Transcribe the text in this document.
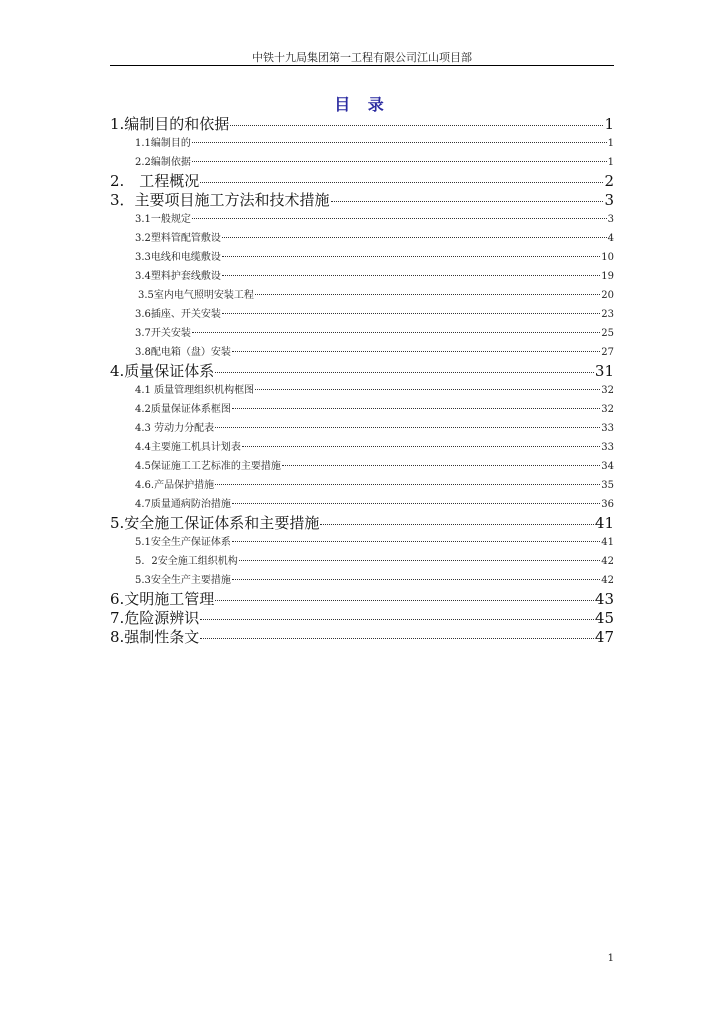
中铁十九局集团第一工程有限公司江山项目部
目 录
1.编制目的和依据	1
1.1编制目的	1
2.2编制依据	1
2.　工程概况	2
3．主要项目施工方法和技术措施	3
3.1一般规定	3
3.2塑料管配管敷设	4
3.3电线和电缆敷设	10
3.4塑料护套线敷设	19
3.5室内电气照明安装工程	20
3.6插座、开关安装	23
3.7开关安装	25
3.8配电箱（盘）安装	27
4.质量保证体系	31
4.1 质量管理组织机构框图	32
4.2质量保证体系框图	32
4.3 劳动力分配表	33
4.4主要施工机具计划表	33
4.5保证施工工艺标准的主要措施	34
4.6.产品保护措施	35
4.7质量通病防治措施	36
5.安全施工保证体系和主要措施	41
5.1安全生产保证体系	41
5．2安全施工组织机构	42
5.3安全生产主要措施	42
6.文明施工管理	43
7.危险源辨识	45
8.强制性条文	47
1
